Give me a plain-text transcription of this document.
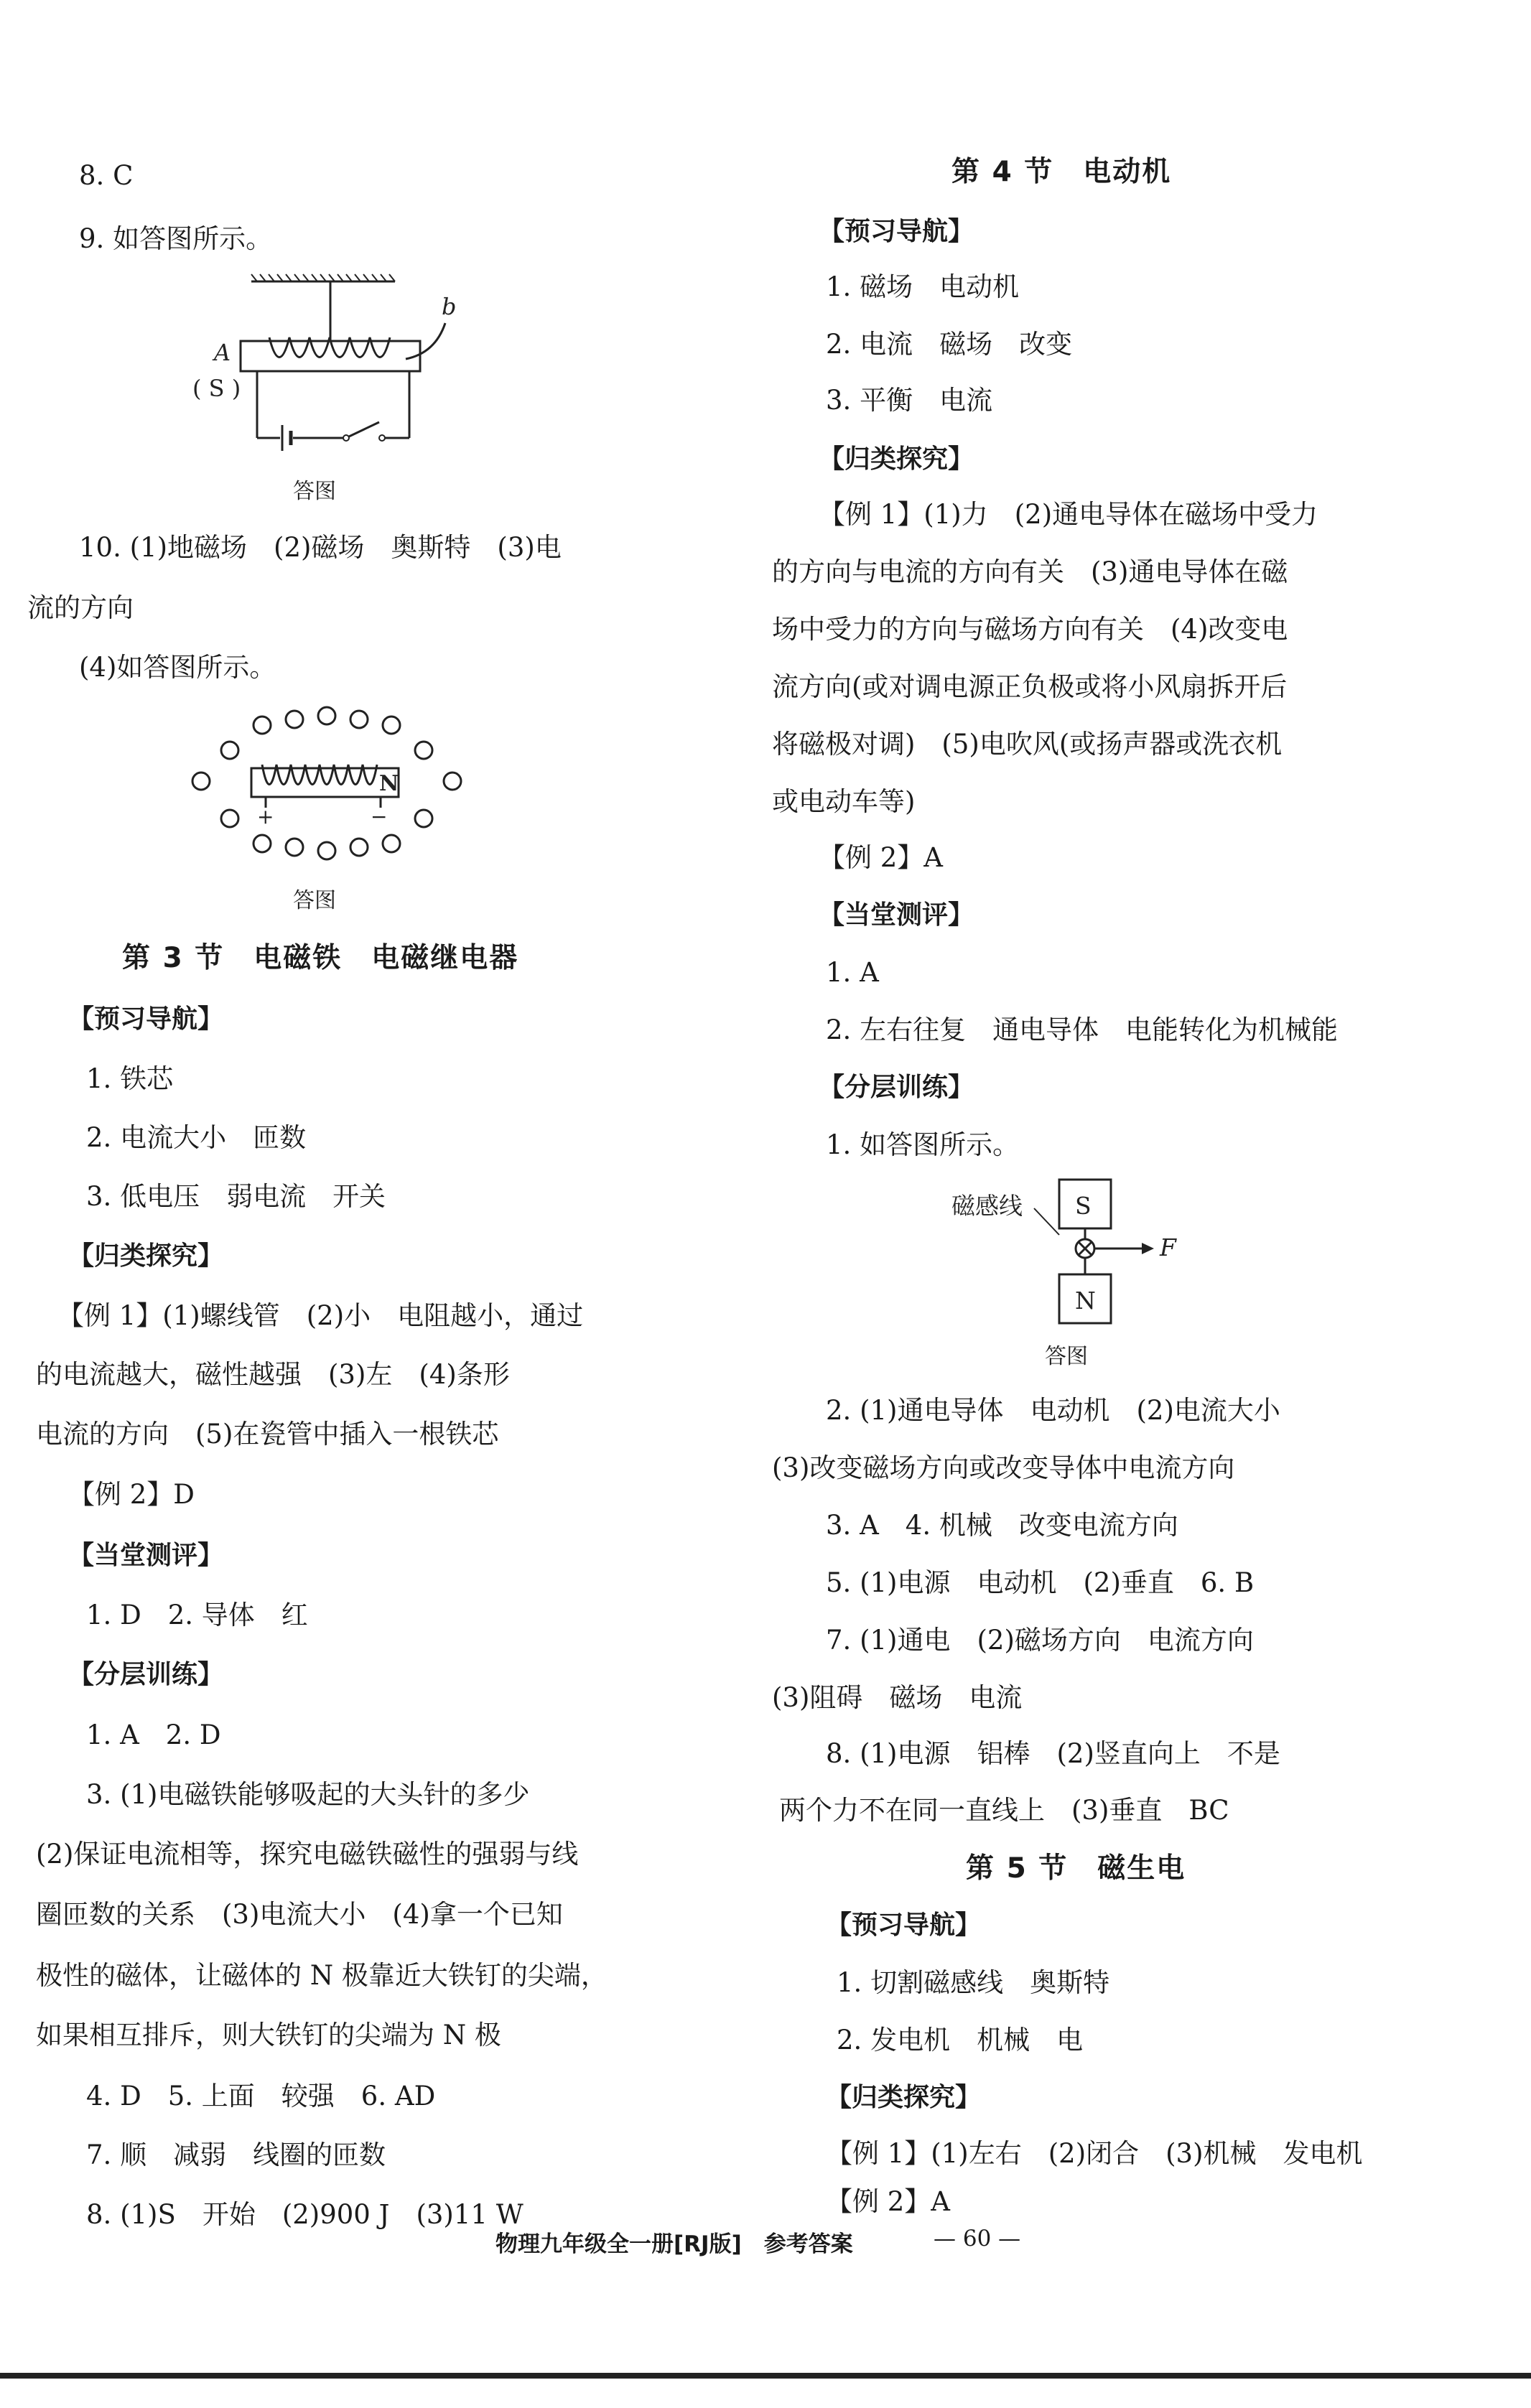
8. C
9. 如答图所示。
b
A
( S )
答图
10. (1)地磁场　(2)磁场　奥斯特　(3)电
流的方向
(4)如答图所示。
N
+	−
答图
第 3 节　电磁铁　电磁继电器
【预习导航】
1. 铁芯
2. 电流大小　匝数
3. 低电压　弱电流　开关
【归类探究】
【例 1】(1)螺线管　(2)小　电阻越小，通过
的电流越大，磁性越强　(3)左　(4)条形
电流的方向　(5)在瓷管中插入一根铁芯
【例 2】D
【当堂测评】
1. D　2. 导体　红
【分层训练】
1. A　2. D
3. (1)电磁铁能够吸起的大头针的多少
(2)保证电流相等，探究电磁铁磁性的强弱与线
圈匝数的关系　(3)电流大小　(4)拿一个已知
极性的磁体，让磁体的 N 极靠近大铁钉的尖端，
如果相互排斥，则大铁钉的尖端为 N 极
4. D　5. 上面　较强　6. AD
7. 顺　减弱　线圈的匝数
8. (1)S　开始　(2)900 J　(3)11 W
第 4 节　电动机
【预习导航】
1. 磁场　电动机
2. 电流　磁场　改变
3. 平衡　电流
【归类探究】
【例 1】(1)力　(2)通电导体在磁场中受力
的方向与电流的方向有关　(3)通电导体在磁
场中受力的方向与磁场方向有关　(4)改变电
流方向(或对调电源正负极或将小风扇拆开后
将磁极对调)　(5)电吹风(或扬声器或洗衣机
或电动车等)
【例 2】A
【当堂测评】
1. A
2. 左右往复　通电导体　电能转化为机械能
【分层训练】
1. 如答图所示。
磁感线 S
F
N
答图
2. (1)通电导体　电动机　(2)电流大小
(3)改变磁场方向或改变导体中电流方向
3. A　4. 机械　改变电流方向
5. (1)电源　电动机　(2)垂直　6. B
7. (1)通电　(2)磁场方向　电流方向
(3)阻碍　磁场　电流
8. (1)电源　铝棒　(2)竖直向上　不是
两个力不在同一直线上　(3)垂直　BC
第 5 节　磁生电
【预习导航】
1. 切割磁感线　奥斯特
2. 发电机　机械　电
【归类探究】
【例 1】(1)左右　(2)闭合　(3)机械　发电机
【例 2】A
物理九年级全一册[RJ版]　参考答案	— 60 —
